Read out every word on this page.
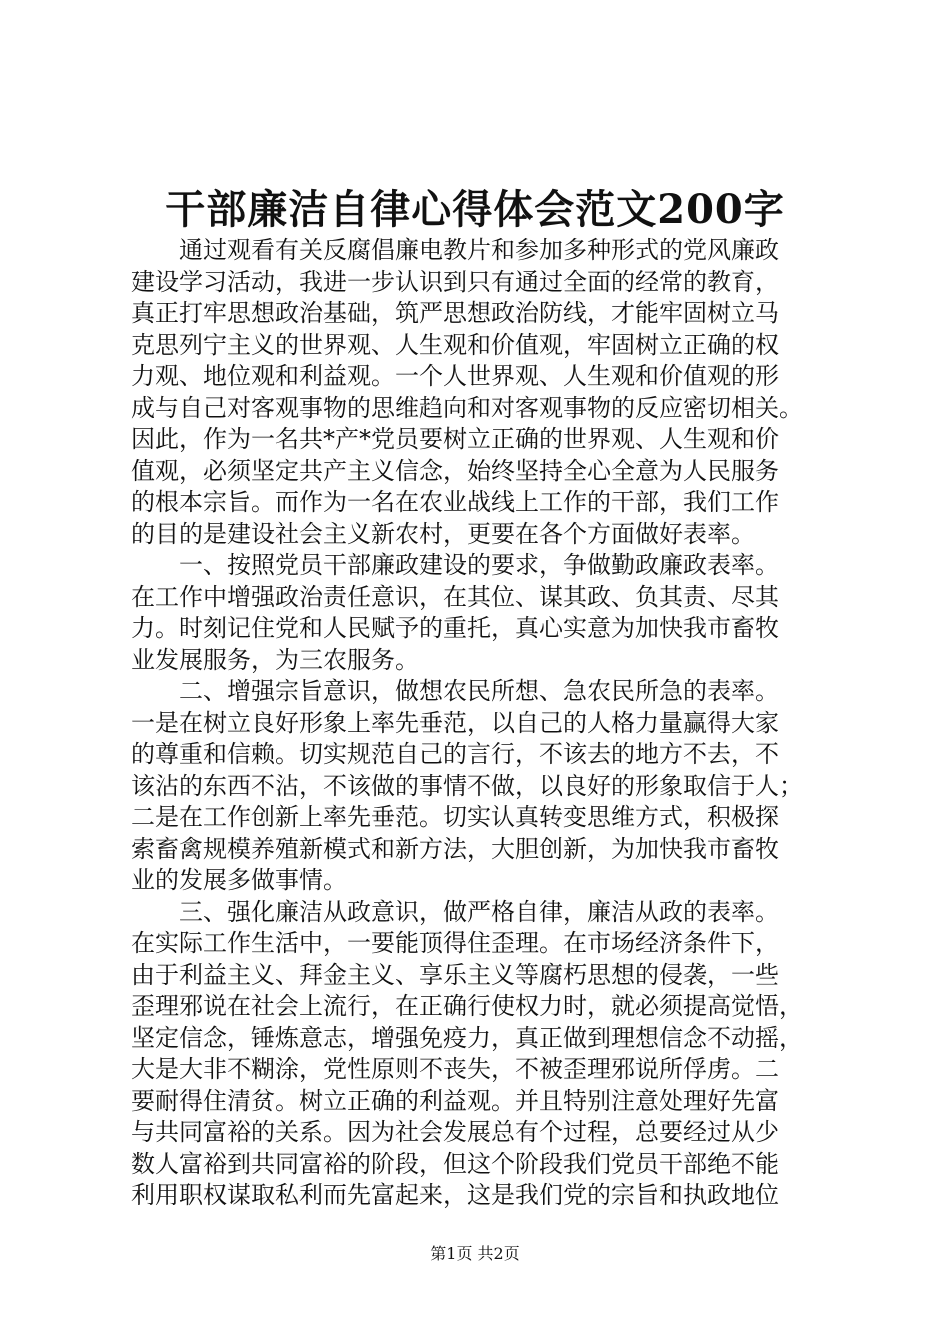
干部廉洁自律心得体会范文200字
　　通过观看有关反腐倡廉电教片和参加多种形式的党风廉政
建设学习活动，我进一步认识到只有通过全面的经常的教育，
真正打牢思想政治基础，筑严思想政治防线，才能牢固树立马
克思列宁主义的世界观、人生观和价值观，牢固树立正确的权
力观、地位观和利益观。一个人世界观、人生观和价值观的形
成与自己对客观事物的思维趋向和对客观事物的反应密切相关。
因此，作为一名共*产*党员要树立正确的世界观、人生观和价
值观，必须坚定共产主义信念，始终坚持全心全意为人民服务
的根本宗旨。而作为一名在农业战线上工作的干部，我们工作
的目的是建设社会主义新农村，更要在各个方面做好表率。
　　一、按照党员干部廉政建设的要求，争做勤政廉政表率。
在工作中增强政治责任意识，在其位、谋其政、负其责、尽其
力。时刻记住党和人民赋予的重托，真心实意为加快我市畜牧
业发展服务，为三农服务。
　　二、增强宗旨意识，做想农民所想、急农民所急的表率。
一是在树立良好形象上率先垂范，以自己的人格力量赢得大家
的尊重和信赖。切实规范自己的言行，不该去的地方不去，不
该沾的东西不沾，不该做的事情不做，以良好的形象取信于人；
二是在工作创新上率先垂范。切实认真转变思维方式，积极探
索畜禽规模养殖新模式和新方法，大胆创新，为加快我市畜牧
业的发展多做事情。
　　三、强化廉洁从政意识，做严格自律，廉洁从政的表率。
在实际工作生活中，一要能顶得住歪理。在市场经济条件下，
由于利益主义、拜金主义、享乐主义等腐朽思想的侵袭，一些
歪理邪说在社会上流行，在正确行使权力时，就必须提高觉悟，
坚定信念，锤炼意志，增强免疫力，真正做到理想信念不动摇，
大是大非不糊涂，党性原则不丧失，不被歪理邪说所俘虏。二
要耐得住清贫。树立正确的利益观。并且特别注意处理好先富
与共同富裕的关系。因为社会发展总有个过程，总要经过从少
数人富裕到共同富裕的阶段，但这个阶段我们党员干部绝不能
利用职权谋取私利而先富起来，这是我们党的宗旨和执政地位
第1页 共2页
